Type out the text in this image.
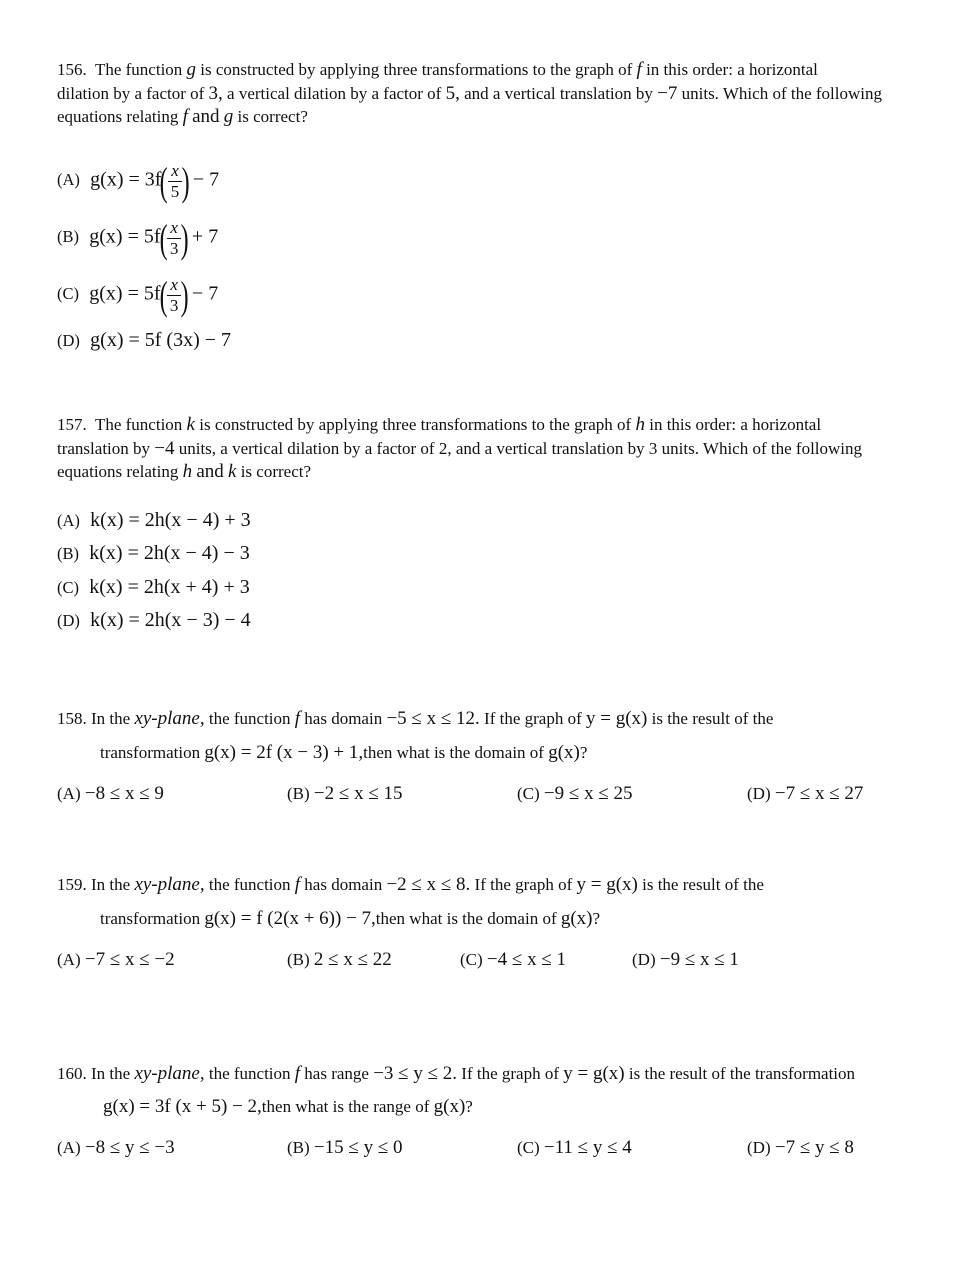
156. The function g is constructed by applying three transformations to the graph of f in this order: a horizontal
dilation by a factor of 3, a vertical dilation by a factor of 5, and a vertical translation by −7 units. Which of the following
equations relating f and g is correct?
(A) $g(x) = 3f( \frac{x}{5}$ ) − 7
(B) $g(x) = 5f( \frac{x}{3}$ ) + 7
(C) $g(x) = 5f( \frac{x}{3}$ ) − 7
(D) g(x) = 5f (3x) − 7
157. The function k is constructed by applying three transformations to the graph of h in this order: a horizontal
translation by −4 units, a vertical dilation by a factor of 2, and a vertical translation by 3 units. Which of the following
equations relating h and k is correct?
(A) k(x) = 2h(x − 4) + 3
(B) k(x) = 2h(x − 4) − 3
(C) k(x) = 2h(x + 4) + 3
(D) k(x) = 2h(x − 3) − 4
158. In the xy-plane, the function f has domain −5 ≤ x ≤ 12. If the graph of y = g(x) is the result of the
transformation g(x) = 2f (x − 3) + 1,then what is the domain of g(x)?
(A) −8 ≤ x ≤ 9	(B) −2 ≤ x ≤ 15	(C) −9 ≤ x ≤ 25	(D) −7 ≤ x ≤ 27
159. In the xy-plane, the function f has domain −2 ≤ x ≤ 8. If the graph of y = g(x) is the result of the
transformation g(x) = f (2(x + 6)) − 7,then what is the domain of g(x)?
(A) −7 ≤ x ≤ −2	(B) 2 ≤ x ≤ 22	(C) −4 ≤ x ≤ 1	(D) −9 ≤ x ≤ 1
160. In the xy-plane, the function f has range −3 ≤ y ≤ 2. If the graph of y = g(x) is the result of the transformation
g(x) = 3f (x + 5) − 2,then what is the range of g(x)?
(A) −8 ≤ y ≤ −3	(B) −15 ≤ y ≤ 0	(C) −11 ≤ y ≤ 4	(D) −7 ≤ y ≤ 8
